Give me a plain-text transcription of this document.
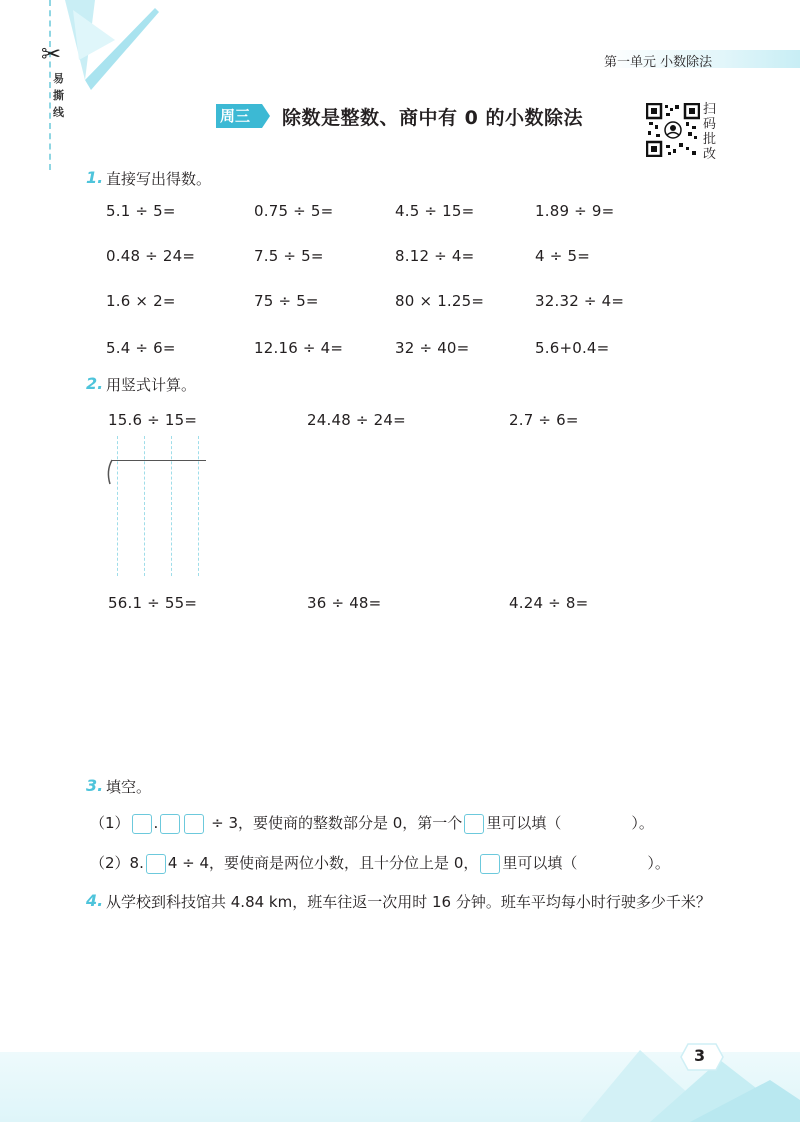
✂
易撕线
第一单元 小数除法
周三 除数是整数、商中有 0 的小数除法	扫码批改
1. 直接写出得数。
5.1 ÷ 5=	0.75 ÷ 5=	4.5 ÷ 15=	1.89 ÷ 9=
0.48 ÷ 24=	7.5 ÷ 5=	8.12 ÷ 4=	4 ÷ 5=
1.6 × 2=	75 ÷ 5=	80 × 1.25=	32.32 ÷ 4=
5.4 ÷ 6=	12.16 ÷ 4=	32 ÷ 40=	5.6+0.4=
2. 用竖式计算。
15.6 ÷ 15=	24.48 ÷ 24=	2.7 ÷ 6=
56.1 ÷ 55=	36 ÷ 48=	4.24 ÷ 8=
3. 填空。
（1） .	÷ 3，要使商的整数部分是 0，第一个 里可以填（	）。
（2）8. 4 ÷ 4，要使商是两位小数，且十分位上是 0， 里可以填（	）。
4. 从学校到科技馆共 4.84 km，班车往返一次用时 16 分钟。班车平均每小时行驶多少千米？
3
